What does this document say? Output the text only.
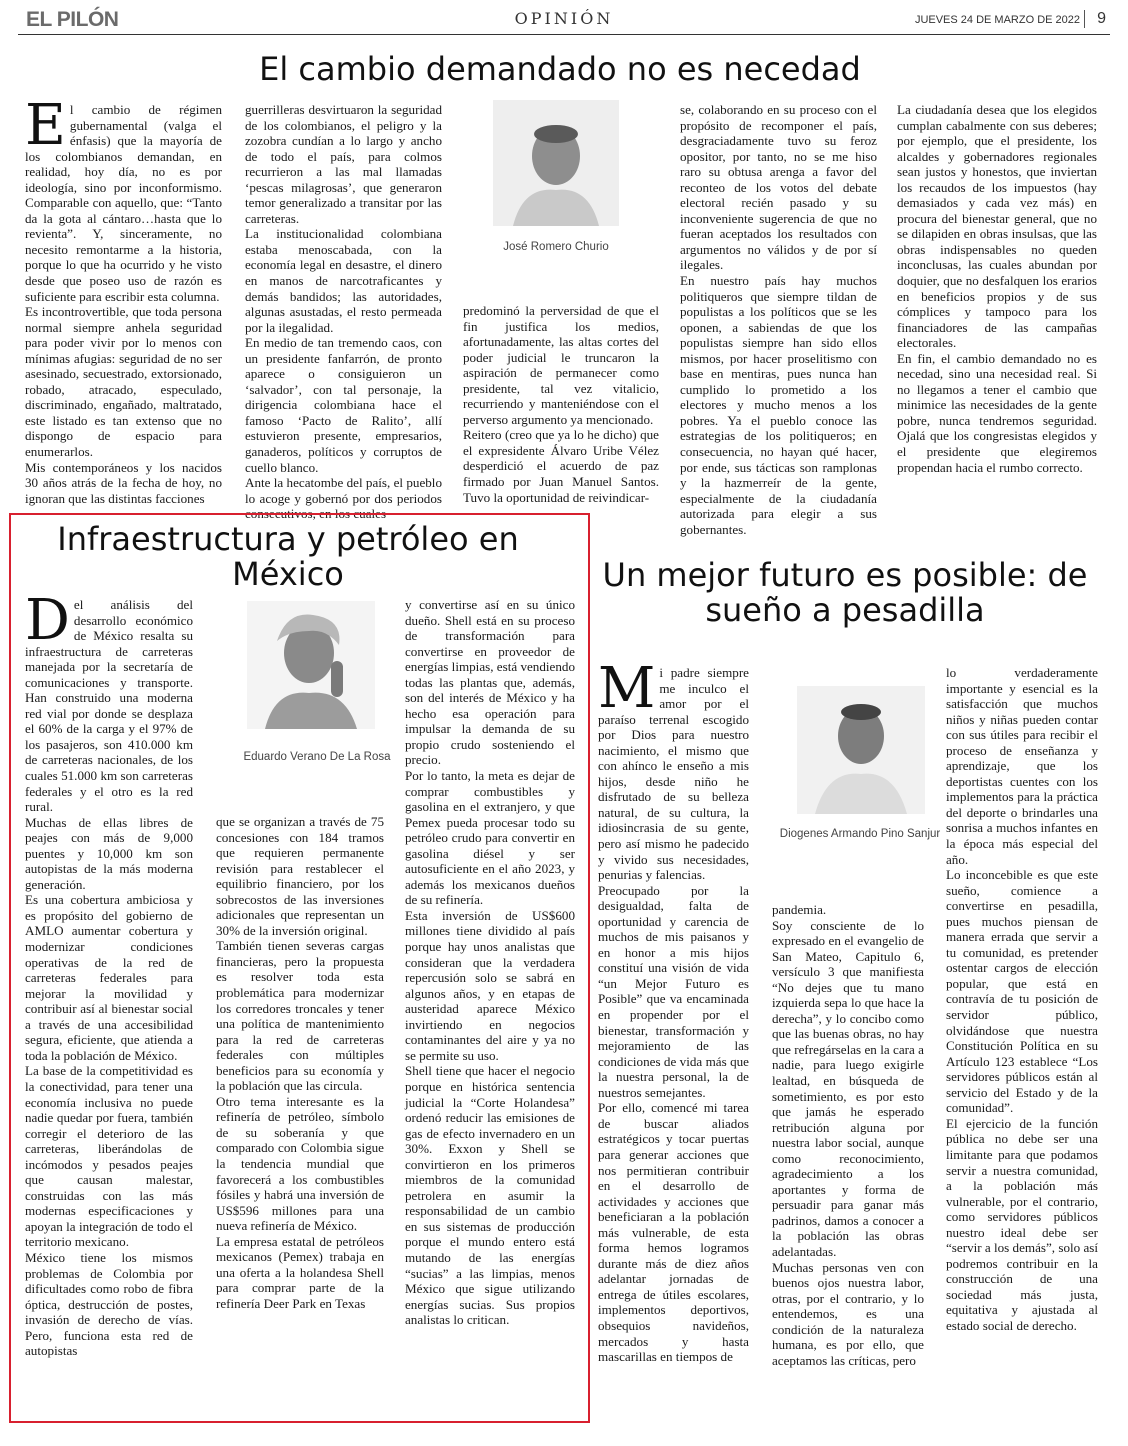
EL PILÓN	OPINIÓN	JUEVES 24 DE MARZO DE 2022	9
El cambio demandado no es necedad
E l cambio de régimen gubernamental (valga el énfasis) que la mayoría de los colombianos demandan, en realidad, hoy día, no es por ideología, sino por inconformismo. Comparable con aquello, que: “Tanto da la gota al cántaro…hasta que lo revienta”. Y, sinceramente, no necesito remontarme a la historia, porque lo que ha ocurrido y he visto desde que poseo uso de razón es suficiente para escribir esta columna.
Es incontrovertible, que toda persona normal siempre anhela seguridad para poder vivir por lo menos con mínimas afugias: seguridad de no ser asesinado, secuestrado, extorsionado, robado, atracado, especulado, discriminado, engañado, maltratado, este listado es tan extenso que no dispongo de espacio para enumerarlos.
Mis contemporáneos y los nacidos 30 años atrás de la fecha de hoy, no ignoran que las distintas facciones
guerrilleras desvirtuaron la seguridad de los colombianos, el peligro y la zozobra cundían a lo largo y ancho de todo el país, para colmos recurrieron a las mal llamadas ‘pescas milagrosas’, que generaron temor generalizado a transitar por las carreteras.
La institucionalidad colombiana estaba menoscabada, con la economía legal en desastre, el dinero en manos de narcotraficantes y demás bandidos; las autoridades, algunas asustadas, el resto permeada por la ilegalidad.
En medio de tan tremendo caos, con un presidente fanfarrón, de pronto aparece o consiguieron un ‘salvador’, con tal personaje, la dirigencia colombiana hace el famoso ‘Pacto de Ralito’, allí estuvieron presente, empresarios, ganaderos, políticos y corruptos de cuello blanco.
Ante la hecatombe del país, el pueblo lo acoge y gobernó por dos periodos consecutivos, en los cuales
José Romero Churio
predominó la perversidad de que el fin justifica los medios, afortunadamente, las altas cortes del poder judicial le truncaron la aspiración de permanecer como presidente, tal vez vitalicio, recurriendo y manteniéndose con el perverso argumento ya mencionado.
Reitero (creo que ya lo he dicho) que el expresidente Álvaro Uribe Vélez desperdició el acuerdo de paz firmado por Juan Manuel Santos. Tuvo la oportunidad de reivindicar-
se, colaborando en su proceso con el propósito de recomponer el país, desgraciadamente tuvo su feroz opositor, por tanto, no se me hiso raro su obtusa arenga a favor del reconteo de los votos del debate electoral recién pasado y su inconveniente sugerencia de que no fueran aceptados los resultados con argumentos no válidos y de por sí ilegales.
En nuestro país hay muchos politiqueros que siempre tildan de populistas a los políticos que se les oponen, a sabiendas de que los populistas siempre han sido ellos mismos, por hacer proselitismo con base en mentiras, pues nunca han cumplido lo prometido a los electores y mucho menos a los pobres. Ya el pueblo conoce las estrategias de los politiqueros; en consecuencia, no hayan qué hacer, por ende, sus tácticas son ramplonas y la hazmerreír de la gente, especialmente de la ciudadanía autorizada para elegir a sus gobernantes.
La ciudadanía desea que los elegidos cumplan cabalmente con sus deberes; por ejemplo, que el presidente, los alcaldes y gobernadores regionales sean justos y honestos, que inviertan los recaudos de los impuestos (hay demasiados y cada vez más) en procura del bienestar general, que no se dilapiden en obras insulsas, que las obras indispensables no queden inconclusas, las cuales abundan por doquier, que no desfalquen los erarios en beneficios propios y de sus cómplices y tampoco para los financiadores de las campañas electorales.
En fin, el cambio demandado no es necedad, sino una necesidad real. Si no llegamos a tener el cambio que minimice las necesidades de la gente pobre, nunca tendremos seguridad. Ojalá que los congresistas elegidos y el presidente que elegiremos propendan hacia el rumbo correcto.
Infraestructura y petróleo en México
D el análisis del desarrollo económico de México resalta su infraestructura de carreteras manejada por la secretaría de comunicaciones y transporte. Han construido una moderna red vial por donde se desplaza el 60% de la carga y el 97% de los pasajeros, son 410.000 km de carreteras nacionales, de los cuales 51.000 km son carreteras federales y el otro es la red rural.
Muchas de ellas libres de peajes con más de 9,000 puentes y 10,000 km son autopistas de la más moderna generación.
Es una cobertura ambiciosa y es propósito del gobierno de AMLO aumentar cobertura y modernizar condiciones operativas de la red de carreteras federales para mejorar la movilidad y contribuir así al bienestar social a través de una accesibilidad segura, eficiente, que atienda a toda la población de México.
La base de la competitividad es la conectividad, para tener una economía inclusiva no puede nadie quedar por fuera, también corregir el deterioro de las carreteras, liberándolas de incómodos y pesados peajes que causan malestar, construidas con las más modernas especificaciones y apoyan la integración de todo el territorio mexicano.
México tiene los mismos problemas de Colombia por dificultades como robo de fibra óptica, destrucción de postes, invasión de derecho de vías. Pero, funciona esta red de autopistas
Eduardo Verano De La Rosa
que se organizan a través de 75 concesiones con 184 tramos que requieren permanente revisión para restablecer el equilibrio financiero, por los sobrecostos de las inversiones adicionales que representan un 30% de la inversión original.
También tienen severas cargas financieras, pero la propuesta es resolver toda esta problemática para modernizar los corredores troncales y tener una política de mantenimiento para la red de carreteras federales con múltiples beneficios para su economía y la población que las circula.
Otro tema interesante es la refinería de petróleo, símbolo de su soberanía y que comparado con Colombia sigue la tendencia mundial que favorecerá a los combustibles fósiles y habrá una inversión de US$596 millones para una nueva refinería de México.
La empresa estatal de petróleos mexicanos (Pemex) trabaja en una oferta a la holandesa Shell para comprar parte de la refinería Deer Park en Texas
y convertirse así en su único dueño. Shell está en su proceso de transformación para convertirse en proveedor de energías limpias, está vendiendo todas las plantas que, además, son del interés de México y ha hecho esa operación para impulsar la demanda de su propio crudo sosteniendo el precio.
Por lo tanto, la meta es dejar de comprar combustibles y gasolina en el extranjero, y que Pemex pueda procesar todo su petróleo crudo para convertir en gasolina diésel y ser autosuficiente en el año 2023, y además los mexicanos dueños de su refinería.
Esta inversión de US$600 millones tiene dividido al país porque hay unos analistas que consideran que la verdadera repercusión solo se sabrá en algunos años, y en etapas de austeridad aparece México invirtiendo en negocios contaminantes del aire y ya no se permite su uso.
Shell tiene que hacer el negocio porque en histórica sentencia judicial la “Corte Holandesa” ordenó reducir las emisiones de gas de efecto invernadero en un 30%. Exxon y Shell se convirtieron en los primeros miembros de la comunidad petrolera en asumir la responsabilidad de un cambio en sus sistemas de producción porque el mundo entero está mutando de las energías “sucias” a las limpias, menos México que sigue utilizando energías sucias. Sus propios analistas lo critican.
Un mejor futuro es posible: de sueño a pesadilla
M i padre siempre me inculco el amor por el paraíso terrenal escogido por Dios para nuestro nacimiento, el mismo que con ahínco le enseño a mis hijos, desde niño he disfrutado de su belleza natural, de su cultura, la idiosincrasia de su gente, pero así mismo he padecido y vivido sus necesidades, penurias y falencias.
Preocupado por la desigualdad, falta de oportunidad y carencia de muchos de mis paisanos y en honor a mis hijos constituí una visión de vida “un Mejor Futuro es Posible” que va encaminada en propender por el bienestar, transformación y mejoramiento de las condiciones de vida más que la nuestra personal, la de nuestros semejantes.
Por ello, comencé mi tarea de buscar aliados estratégicos y tocar puertas para generar acciones que nos permitieran contribuir en el desarrollo de actividades y acciones que beneficiaran a la población más vulnerable, de esta forma hemos logramos durante más de diez años adelantar jornadas de entrega de útiles escolares, implementos deportivos, obsequios navideños, mercados y hasta mascarillas en tiempos de
Diogenes Armando Pino Sanjur
pandemia.
Soy consciente de lo expresado en el evangelio de San Mateo, Capitulo 6, versículo 3 que manifiesta “No dejes que tu mano izquierda sepa lo que hace la derecha”, y lo concibo como que las buenas obras, no hay que refregárselas en la cara a nadie, para luego exigirle lealtad, en búsqueda de sometimiento, es por esto que jamás he esperado retribución alguna por nuestra labor social, aunque como reconocimiento, agradecimiento a los aportantes y forma de persuadir para ganar más padrinos, damos a conocer a la población las obras adelantadas.
Muchas personas ven con buenos ojos nuestra labor, otras, por el contrario, y lo entendemos, es una condición de la naturaleza humana, es por ello, que aceptamos las críticas, pero
lo verdaderamente importante y esencial es la satisfacción que muchos niños y niñas pueden contar con sus útiles para recibir el proceso de enseñanza y aprendizaje, que los deportistas cuentes con los implementos para la práctica del deporte o brindarles una sonrisa a muchos infantes en la época más especial del año.
Lo inconcebible es que este sueño, comience a convertirse en pesadilla, pues muchos piensan de manera errada que servir a tu comunidad, es pretender ostentar cargos de elección popular, que está en contravía de tu posición de servidor público, olvidándose que nuestra Constitución Política en su Artículo 123 establece “Los servidores públicos están al servicio del Estado y de la comunidad”.
El ejercicio de la función pública no debe ser una limitante para que podamos servir a nuestra comunidad, a la población más vulnerable, por el contrario, como servidores públicos nuestro ideal debe ser “servir a los demás”, solo así podremos contribuir en la construcción de una sociedad más justa, equitativa y ajustada al estado social de derecho.
